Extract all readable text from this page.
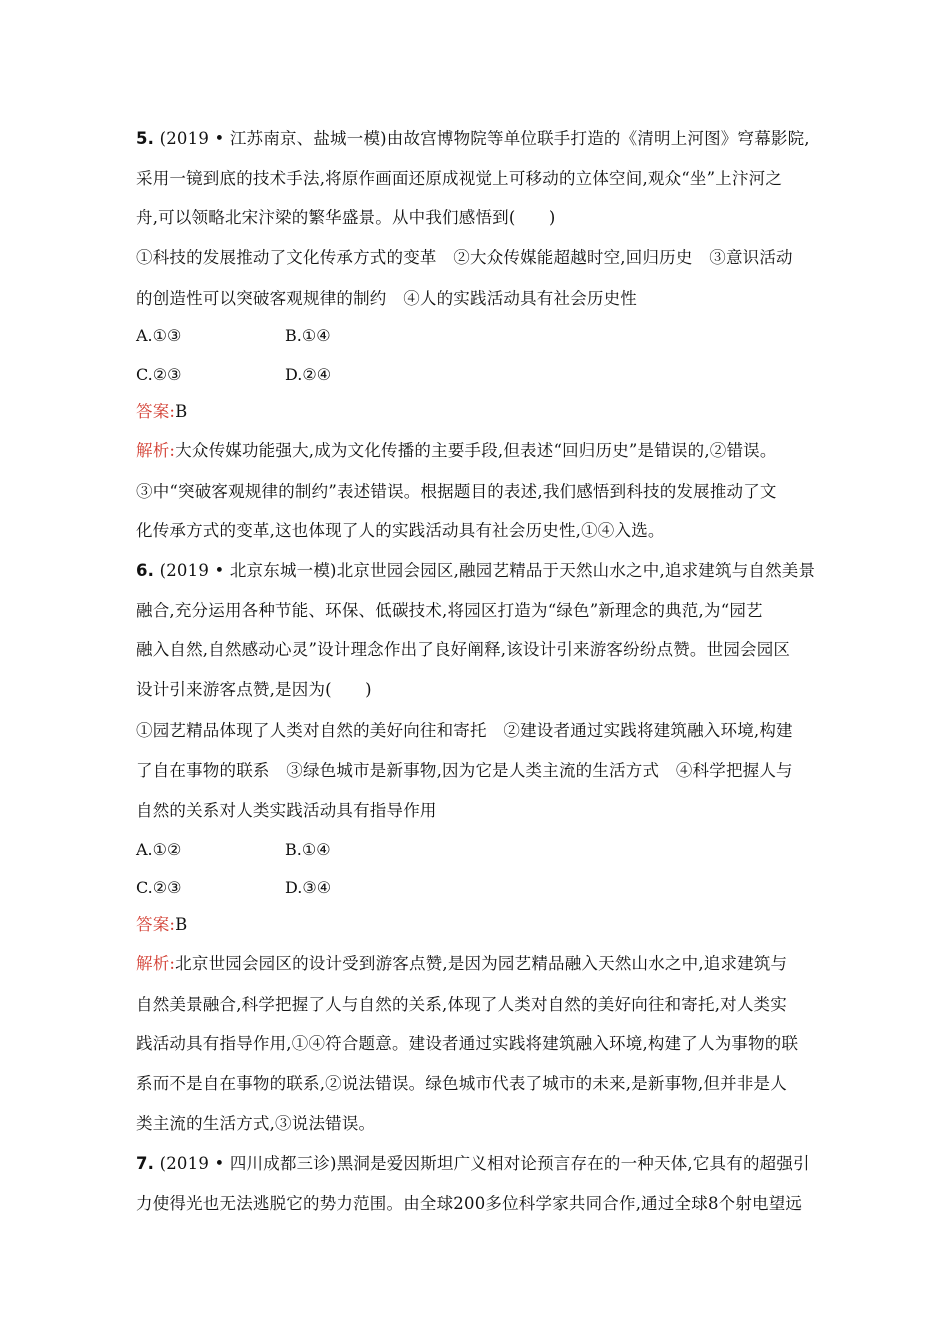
5. (2019 • 江苏南京、盐城一模)由故宫博物院等单位联手打造的《清明上河图》穹幕影院,
采用一镜到底的技术手法,将原作画面还原成视觉上可移动的立体空间,观众“坐”上汴河之
舟,可以领略北宋汴梁的繁华盛景。从中我们感悟到(　　)
①科技的发展推动了文化传承方式的变革　②大众传媒能超越时空,回归历史　③意识活动
的创造性可以突破客观规律的制约　④人的实践活动具有社会历史性
A.①③	B.①④
C.②③	D.②④
答案:B
解析:大众传媒功能强大,成为文化传播的主要手段,但表述“回归历史”是错误的,②错误。
③中“突破客观规律的制约”表述错误。根据题目的表述,我们感悟到科技的发展推动了文
化传承方式的变革,这也体现了人的实践活动具有社会历史性,①④入选。
6. (2019 • 北京东城一模)北京世园会园区,融园艺精品于天然山水之中,追求建筑与自然美景
融合,充分运用各种节能、环保、低碳技术,将园区打造为“绿色”新理念的典范,为“园艺
融入自然,自然感动心灵”设计理念作出了良好阐释,该设计引来游客纷纷点赞。世园会园区
设计引来游客点赞,是因为(　　)
①园艺精品体现了人类对自然的美好向往和寄托　②建设者通过实践将建筑融入环境,构建
了自在事物的联系　③绿色城市是新事物,因为它是人类主流的生活方式　④科学把握人与
自然的关系对人类实践活动具有指导作用
A.①②	B.①④
C.②③	D.③④
答案:B
解析:北京世园会园区的设计受到游客点赞,是因为园艺精品融入天然山水之中,追求建筑与
自然美景融合,科学把握了人与自然的关系,体现了人类对自然的美好向往和寄托,对人类实
践活动具有指导作用,①④符合题意。建设者通过实践将建筑融入环境,构建了人为事物的联
系而不是自在事物的联系,②说法错误。绿色城市代表了城市的未来,是新事物,但并非是人
类主流的生活方式,③说法错误。
7. (2019 • 四川成都三诊)黑洞是爱因斯坦广义相对论预言存在的一种天体,它具有的超强引
力使得光也无法逃脱它的势力范围。由全球200多位科学家共同合作,通过全球8个射电望远
